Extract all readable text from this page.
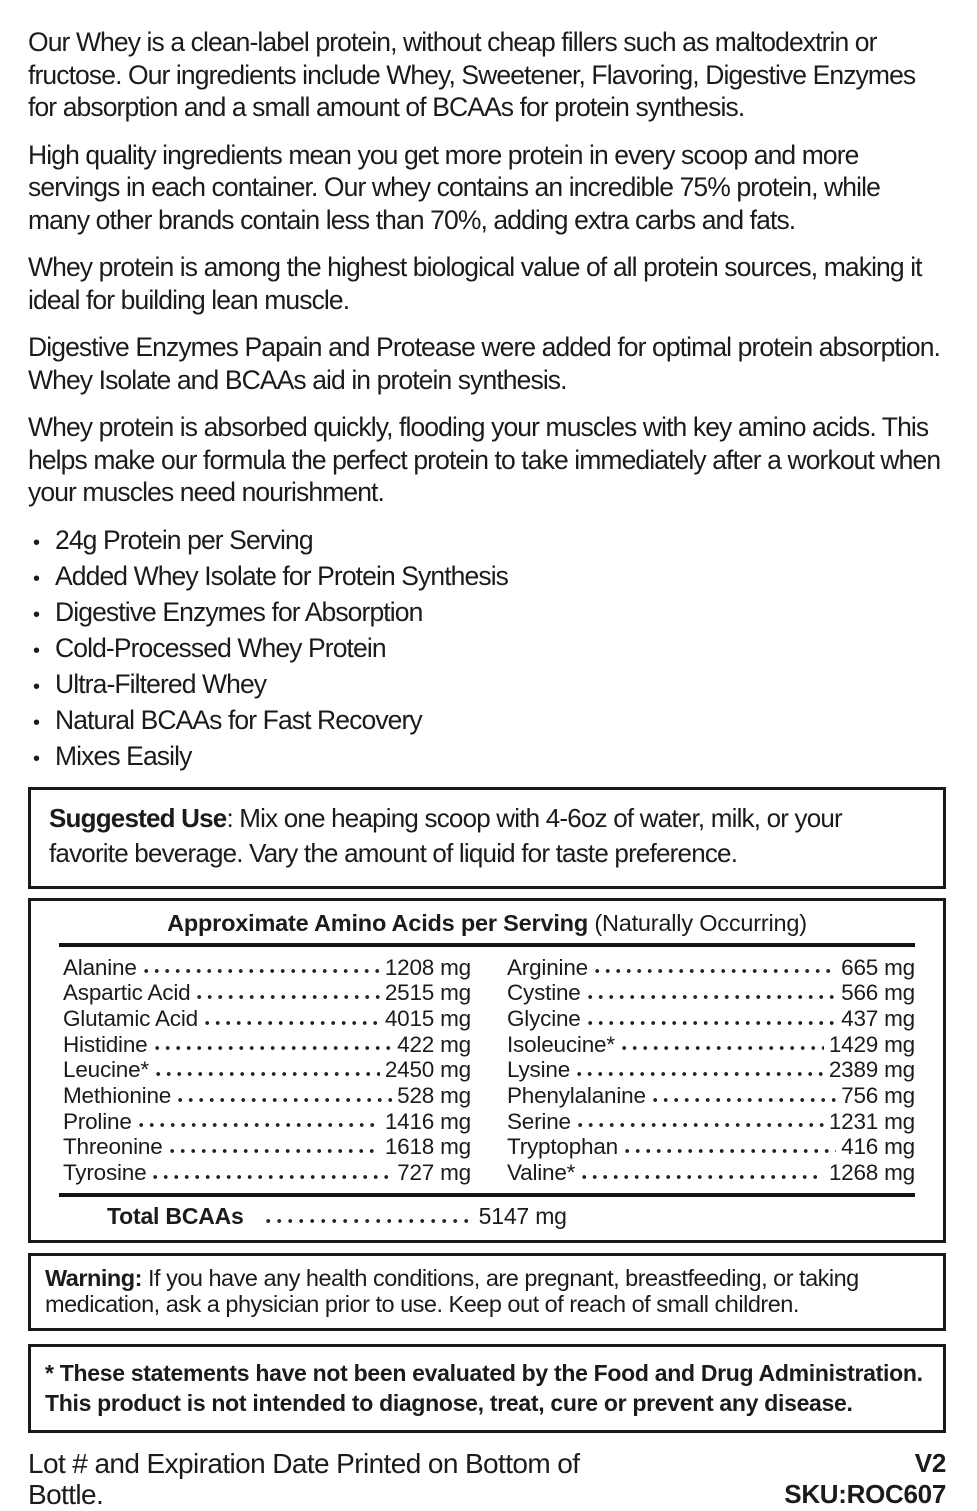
Our Whey is a clean-label protein, without cheap fillers such as maltodextrin or fructose. Our ingredients include Whey, Sweetener, Flavoring, Digestive Enzymes for absorption and a small amount of BCAAs for protein synthesis.

High quality ingredients mean you get more protein in every scoop and more servings in each container. Our whey contains an incredible 75% protein, while many other brands contain less than 70%, adding extra carbs and fats.

Whey protein is among the highest biological value of all protein sources, making it ideal for building lean muscle.

Digestive Enzymes Papain and Protease were added for optimal protein absorption. Whey Isolate and BCAAs aid in protein synthesis.

Whey protein is absorbed quickly, flooding your muscles with key amino acids. This helps make our formula the perfect protein to take immediately after a workout when your muscles need nourishment.

• 24g Protein per Serving
• Added Whey Isolate for Protein Synthesis
• Digestive Enzymes for Absorption
• Cold-Processed Whey Protein
• Ultra-Filtered Whey
• Natural BCAAs for Fast Recovery
• Mixes Easily
Suggested Use: Mix one heaping scoop with 4-6oz of water, milk, or your favorite beverage. Vary the amount of liquid for taste preference.
Approximate Amino Acids per Serving (Naturally Occurring)
Alanine	1208 mg
Aspartic Acid	2515 mg
Glutamic Acid	4015 mg
Histidine	422 mg
Leucine*	2450 mg
Methionine	528 mg
Proline	1416 mg
Threonine	1618 mg
Tyrosine	727 mg
Arginine	665 mg
Cystine	566 mg
Glycine	437 mg
Isoleucine*	1429 mg
Lysine	2389 mg
Phenylalanine	756 mg
Serine	1231 mg
Tryptophan	416 mg
Valine*	1268 mg
Total BCAAs	5147 mg
Warning: If you have any health conditions, are pregnant, breastfeeding, or taking medication, ask a physician prior to use. Keep out of reach of small children.
* These statements have not been evaluated by the Food and Drug Administration.
This product is not intended to diagnose, treat, cure or prevent any disease.
Lot # and Expiration Date Printed on Bottom of Bottle.
V2
SKU:ROC607
